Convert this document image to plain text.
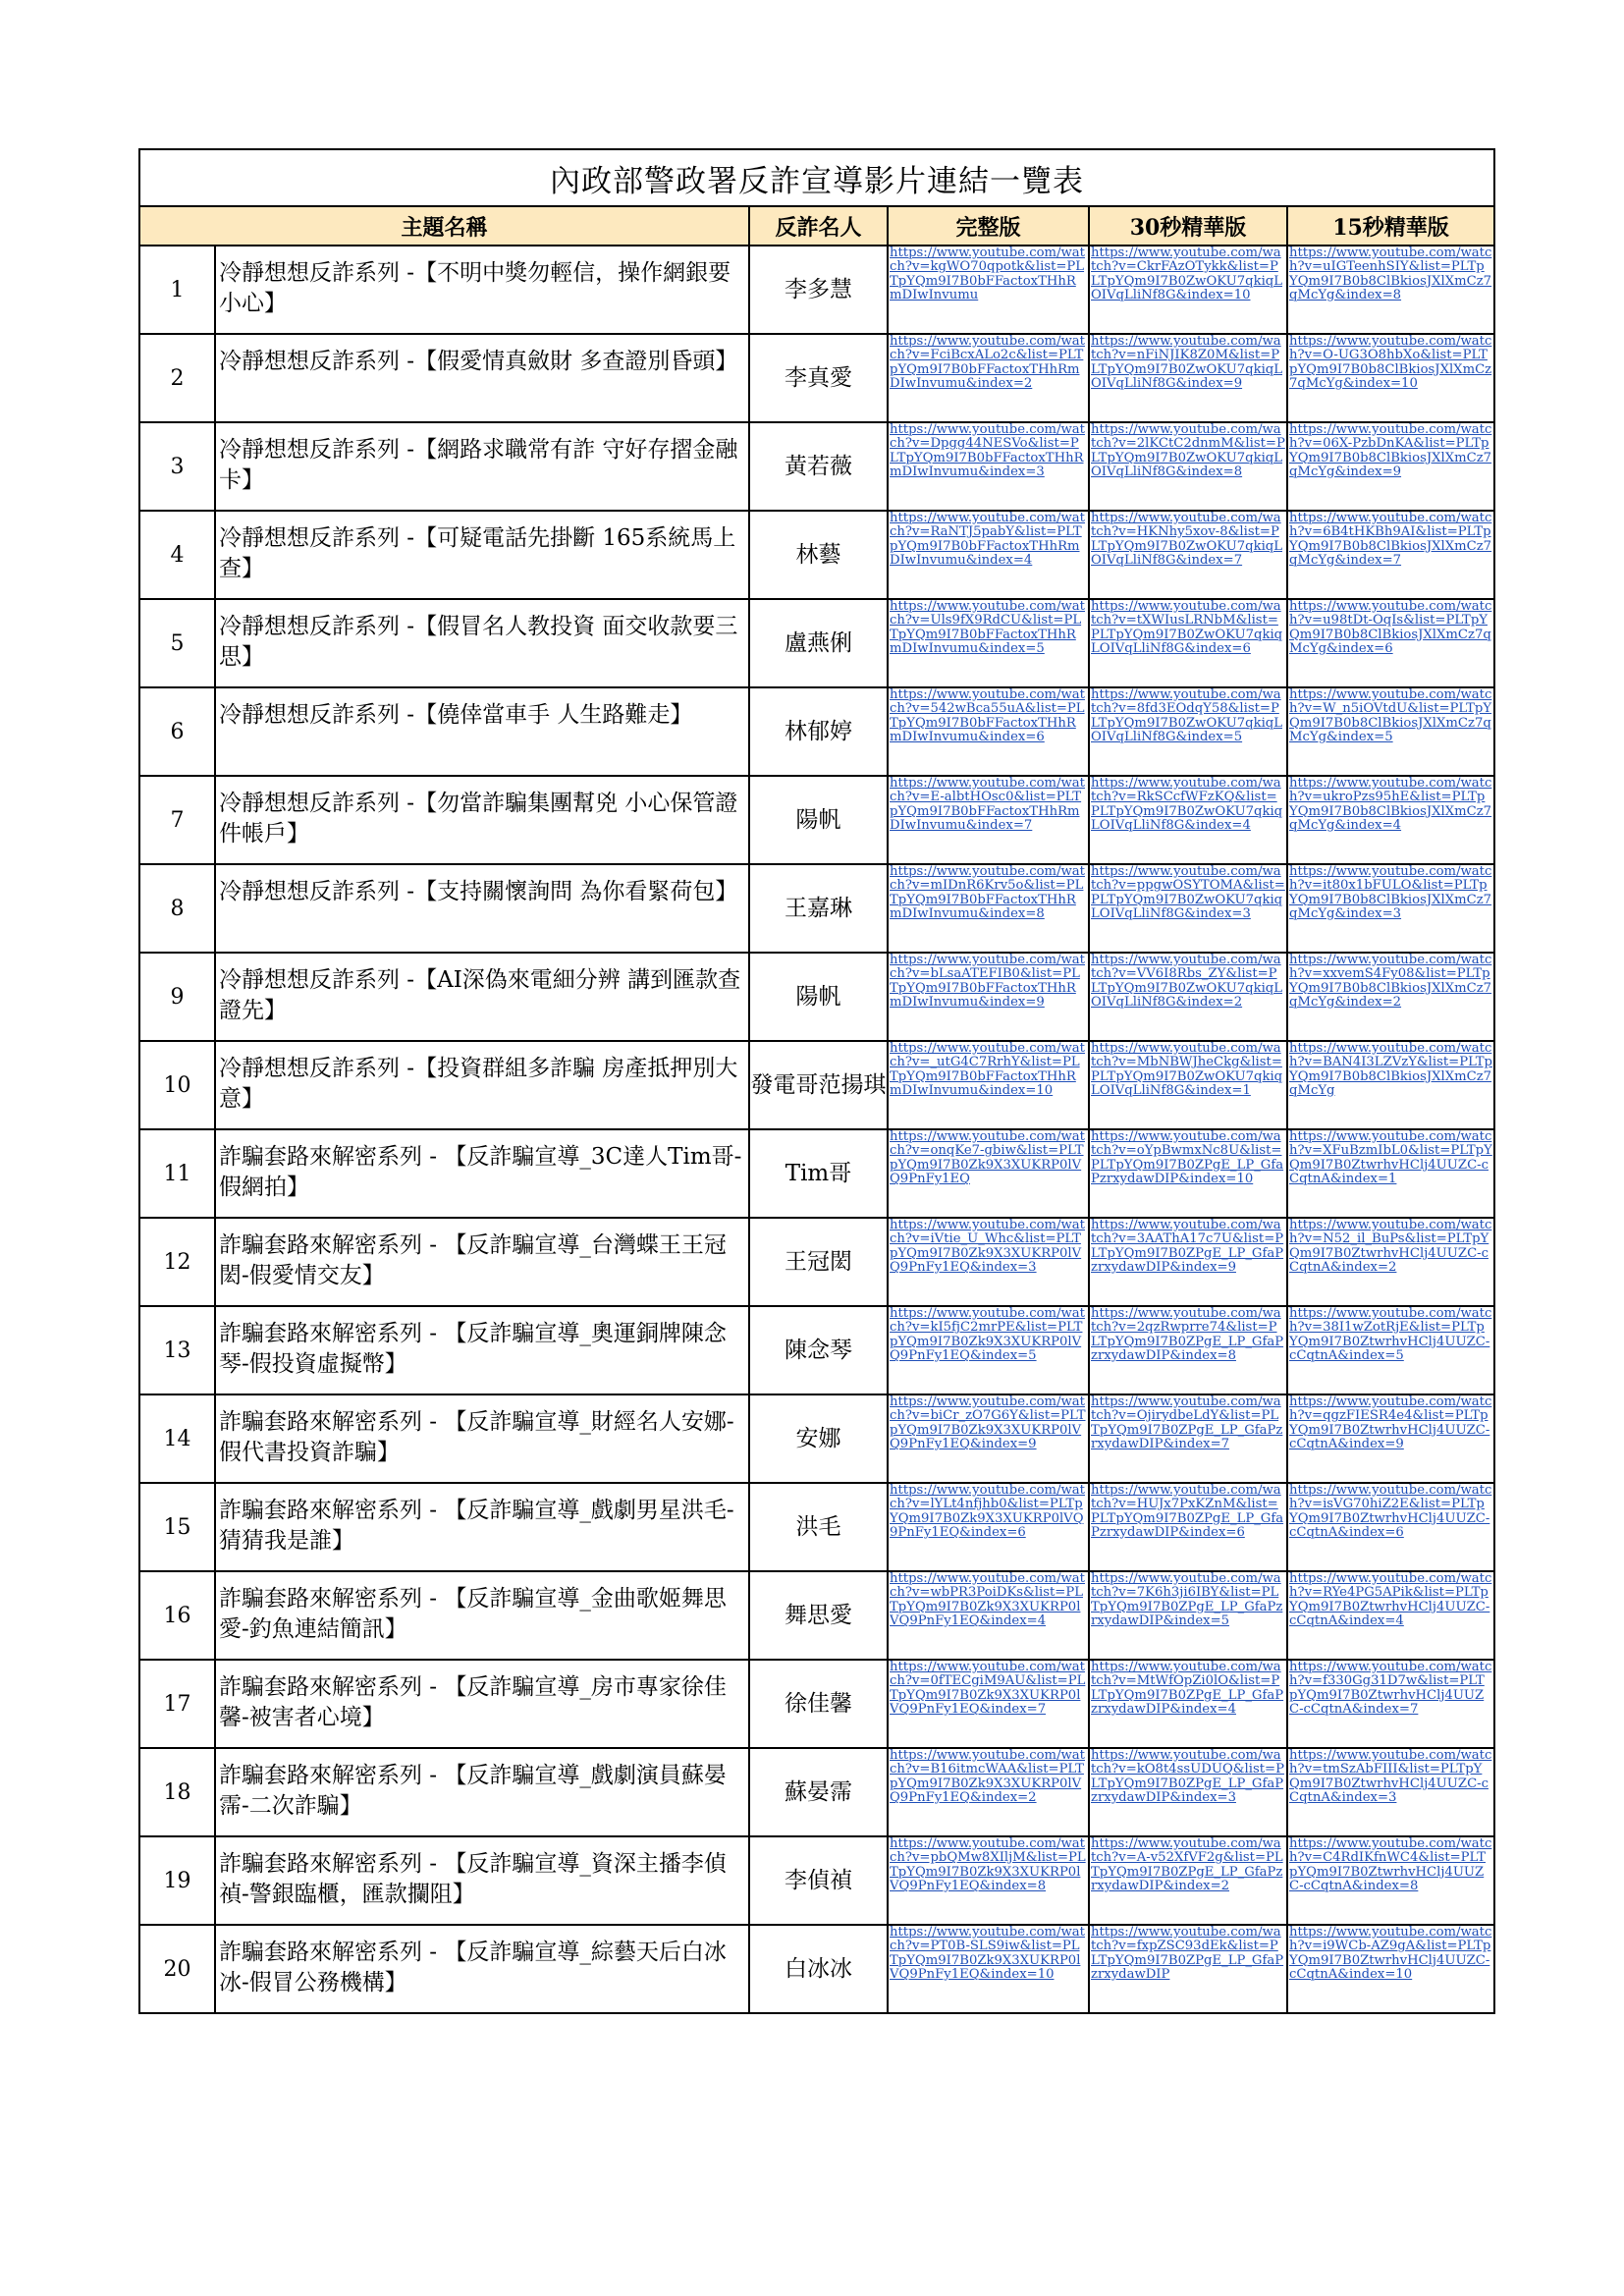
內政部警政署反詐宣導影片連結一覽表					
主題名稱		反詐名人	完整版	30秒精華版	15秒精華版
1	冷靜想想反詐系列 -【不明中獎勿輕信，操作網銀要小心】	李多慧	https://www.youtube.com/watch?v=kgWO70qpotk&list=PLTpYQm9I7B0bFFactoxTHhRmDIwInvumu	https://www.youtube.com/watch?v=CkrFAzOTykk&list=PLTpYQm9I7B0ZwOKU7qkiqLOIVqLliNf8G&index=10	https://www.youtube.com/watch?v=uIGTeenhSIY&list=PLTpYQm9I7B0b8ClBkiosJXlXmCz7qMcYg&index=8

2	冷靜想想反詐系列 -【假愛情真斂財 多查證別昏頭】	李真愛	https://www.youtube.com/watch?v=FciBcxALo2c&list=PLTpYQm9I7B0bFFactoxTHhRmDIwInvumu&index=2	https://www.youtube.com/watch?v=nFiNJIK8Z0M&list=PLTpYQm9I7B0ZwOKU7qkiqLOIVqLliNf8G&index=9	https://www.youtube.com/watch?v=O-UG3O8hbXo&list=PLTpYQm9I7B0b8ClBkiosJXlXmCz7qMcYg&index=10

3	冷靜想想反詐系列 -【網路求職常有詐 守好存摺金融卡】	黃若薇	https://www.youtube.com/watch?v=Dpgg44NESVo&list=PLTpYQm9I7B0bFFactoxTHhRmDIwInvumu&index=3	https://www.youtube.com/watch?v=2lKCtC2dnmM&list=PLTpYQm9I7B0ZwOKU7qkiqLOIVqLliNf8G&index=8	https://www.youtube.com/watch?v=06X-PzbDnKA&list=PLTpYQm9I7B0b8ClBkiosJXlXmCz7qMcYg&index=9

4	冷靜想想反詐系列 -【可疑電話先掛斷 165系統馬上查】	林藝	https://www.youtube.com/watch?v=RaNTJ5pabY&list=PLTpYQm9I7B0bFFactoxTHhRmDIwInvumu&index=4	https://www.youtube.com/watch?v=HKNhy5xov-8&list=PLTpYQm9I7B0ZwOKU7qkiqLOIVqLliNf8G&index=7	https://www.youtube.com/watch?v=6B4tHKBh9AI&list=PLTpYQm9I7B0b8ClBkiosJXlXmCz7qMcYg&index=7

5	冷靜想想反詐系列 -【假冒名人教投資 面交收款要三思】	盧燕俐	https://www.youtube.com/watch?v=Uls9fX9RdCU&list=PLTpYQm9I7B0bFFactoxTHhRmDIwInvumu&index=5	https://www.youtube.com/watch?v=tXWIusLRNbM&list=PLTpYQm9I7B0ZwOKU7qkiqLOIVqLliNf8G&index=6	https://www.youtube.com/watch?v=u98tDt-OqIs&list=PLTpYQm9I7B0b8ClBkiosJXlXmCz7qMcYg&index=6

6	冷靜想想反詐系列 -【僥倖當車手 人生路難走】	林郁婷	https://www.youtube.com/watch?v=542wBca55uA&list=PLTpYQm9I7B0bFFactoxTHhRmDIwInvumu&index=6	https://www.youtube.com/watch?v=8fd3EOdqY58&list=PLTpYQm9I7B0ZwOKU7qkiqLOIVqLliNf8G&index=5	https://www.youtube.com/watch?v=W_n5iOVtdU&list=PLTpYQm9I7B0b8ClBkiosJXlXmCz7qMcYg&index=5

7	冷靜想想反詐系列 -【勿當詐騙集團幫兇 小心保管證件帳戶】	陽帆	https://www.youtube.com/watch?v=E-albtHOsc0&list=PLTpYQm9I7B0bFFactoxTHhRmDIwInvumu&index=7	https://www.youtube.com/watch?v=RkSCcfWFzKQ&list=PLTpYQm9I7B0ZwOKU7qkiqLOIVqLliNf8G&index=4	https://www.youtube.com/watch?v=ukroPzs95hE&list=PLTpYQm9I7B0b8ClBkiosJXlXmCz7qMcYg&index=4

8	冷靜想想反詐系列 -【支持關懷詢問 為你看緊荷包】	王嘉琳	https://www.youtube.com/watch?v=mIDnR6Krv5o&list=PLTpYQm9I7B0bFFactoxTHhRmDIwInvumu&index=8	https://www.youtube.com/watch?v=ppgwOSYTOMA&list=PLTpYQm9I7B0ZwOKU7qkiqLOIVqLliNf8G&index=3	https://www.youtube.com/watch?v=it80x1bFULO&list=PLTpYQm9I7B0b8ClBkiosJXlXmCz7qMcYg&index=3

9	冷靜想想反詐系列 -【AI深偽來電細分辨 講到匯款查證先】	陽帆	https://www.youtube.com/watch?v=bLsaATEFIB0&list=PLTpYQm9I7B0bFFactoxTHhRmDIwInvumu&index=9	https://www.youtube.com/watch?v=VV6I8Rbs_ZY&list=PLTpYQm9I7B0ZwOKU7qkiqLOIVqLliNf8G&index=2	https://www.youtube.com/watch?v=xxvemS4Fy08&list=PLTpYQm9I7B0b8ClBkiosJXlXmCz7qMcYg&index=2

10	冷靜想想反詐系列 -【投資群組多詐騙 房產抵押別大意】	發電哥范揚琪	https://www.youtube.com/watch?v=_utG4C7RrhY&list=PLTpYQm9I7B0bFFactoxTHhRmDIwInvumu&index=10	https://www.youtube.com/watch?v=MbNBWJheCkg&list=PLTpYQm9I7B0ZwOKU7qkiqLOIVqLliNf8G&index=1	https://www.youtube.com/watch?v=BAN4I3LZVzY&list=PLTpYQm9I7B0b8ClBkiosJXlXmCz7qMcYg

11	詐騙套路來解密系列 - 【反詐騙宣導_3C達人Tim哥-假網拍】	Tim哥	https://www.youtube.com/watch?v=onqKe7-gbiw&list=PLTpYQm9I7B0Zk9X3XUKRP0lVQ9PnFy1EQ	https://www.youtube.com/watch?v=oYpBwmxNc8U&list=PLTpYQm9I7B0ZPgE_LP_GfaPzrxydawDIP&index=10	https://www.youtube.com/watch?v=XFuBzmIbL0&list=PLTpYQm9I7B0ZtwrhvHClj4UUZC-cCqtnA&index=1

12	詐騙套路來解密系列 - 【反詐騙宣導_台灣蝶王王冠閎-假愛情交友】	王冠閎	https://www.youtube.com/watch?v=iVtie_U_Whc&list=PLTpYQm9I7B0Zk9X3XUKRP0lVQ9PnFy1EQ&index=3	https://www.youtube.com/watch?v=3AAThA17c7U&list=PLTpYQm9I7B0ZPgE_LP_GfaPzrxydawDIP&index=9	https://www.youtube.com/watch?v=N52_il_BuPs&list=PLTpYQm9I7B0ZtwrhvHClj4UUZC-cCqtnA&index=2

13	詐騙套路來解密系列 - 【反詐騙宣導_奧運銅牌陳念琴-假投資虛擬幣】	陳念琴	https://www.youtube.com/watch?v=kI5fjC2mrPE&list=PLTpYQm9I7B0Zk9X3XUKRP0lVQ9PnFy1EQ&index=5	https://www.youtube.com/watch?v=2qzRwprre74&list=PLTpYQm9I7B0ZPgE_LP_GfaPzrxydawDIP&index=8	https://www.youtube.com/watch?v=38I1wZotRjE&list=PLTpYQm9I7B0ZtwrhvHClj4UUZC-cCqtnA&index=5

14	詐騙套路來解密系列 - 【反詐騙宣導_財經名人安娜-假代書投資詐騙】	安娜	https://www.youtube.com/watch?v=biCr_zO7G6Y&list=PLTpYQm9I7B0Zk9X3XUKRP0lVQ9PnFy1EQ&index=9	https://www.youtube.com/watch?v=OjirydbeLdY&list=PLTpYQm9I7B0ZPgE_LP_GfaPzrxydawDIP&index=7	https://www.youtube.com/watch?v=qgzFIESR4e4&list=PLTpYQm9I7B0ZtwrhvHClj4UUZC-cCqtnA&index=9

15	詐騙套路來解密系列 - 【反詐騙宣導_戲劇男星洪毛-猜猜我是誰】	洪毛	https://www.youtube.com/watch?v=lYLt4nfjhb0&list=PLTpYQm9I7B0Zk9X3XUKRP0lVQ9PnFy1EQ&index=6	https://www.youtube.com/watch?v=HUJx7PxKZnM&list=PLTpYQm9I7B0ZPgE_LP_GfaPzrxydawDIP&index=6	https://www.youtube.com/watch?v=isVG70hiZ2E&list=PLTpYQm9I7B0ZtwrhvHClj4UUZC-cCqtnA&index=6

16	詐騙套路來解密系列 - 【反詐騙宣導_金曲歌姬舞思愛-釣魚連結簡訊】	舞思愛	https://www.youtube.com/watch?v=wbPR3PoiDKs&list=PLTpYQm9I7B0Zk9X3XUKRP0lVQ9PnFy1EQ&index=4	https://www.youtube.com/watch?v=7K6h3ji6IBY&list=PLTpYQm9I7B0ZPgE_LP_GfaPzrxydawDIP&index=5	https://www.youtube.com/watch?v=RYe4PG5APik&list=PLTpYQm9I7B0ZtwrhvHClj4UUZC-cCqtnA&index=4

17	詐騙套路來解密系列 - 【反詐騙宣導_房市專家徐佳馨-被害者心境】	徐佳馨	https://www.youtube.com/watch?v=0fTECgiM9AU&list=PLTpYQm9I7B0Zk9X3XUKRP0lVQ9PnFy1EQ&index=7	https://www.youtube.com/watch?v=MtWfOpZi0lO&list=PLTpYQm9I7B0ZPgE_LP_GfaPzrxydawDIP&index=4	https://www.youtube.com/watch?v=f330Gg31D7w&list=PLTpYQm9I7B0ZtwrhvHClj4UUZC-cCqtnA&index=7

18	詐騙套路來解密系列 - 【反詐騙宣導_戲劇演員蘇晏霈-二次詐騙】	蘇晏霈	https://www.youtube.com/watch?v=B16itmcWAA&list=PLTpYQm9I7B0Zk9X3XUKRP0lVQ9PnFy1EQ&index=2	https://www.youtube.com/watch?v=kO8t4ssUDUQ&list=PLTpYQm9I7B0ZPgE_LP_GfaPzrxydawDIP&index=3	https://www.youtube.com/watch?v=tmSzAbFIII&list=PLTpYQm9I7B0ZtwrhvHClj4UUZC-cCqtnA&index=3

19	詐騙套路來解密系列 - 【反詐騙宣導_資深主播李偵禎-警銀臨櫃，匯款攔阻】	李偵禎	https://www.youtube.com/watch?v=pbQMw8XIljM&list=PLTpYQm9I7B0Zk9X3XUKRP0lVQ9PnFy1EQ&index=8	https://www.youtube.com/watch?v=A-v52XfVF2g&list=PLTpYQm9I7B0ZPgE_LP_GfaPzrxydawDIP&index=2	https://www.youtube.com/watch?v=C4RdIKfnWC4&list=PLTpYQm9I7B0ZtwrhvHClj4UUZC-cCqtnA&index=8

20	詐騙套路來解密系列 - 【反詐騙宣導_綜藝天后白冰冰-假冒公務機構】	白冰冰	https://www.youtube.com/watch?v=PT0B-SLS9iw&list=PLTpYQm9I7B0Zk9X3XUKRP0lVQ9PnFy1EQ&index=10	https://www.youtube.com/watch?v=fxpZSC93dEk&list=PLTpYQm9I7B0ZPgE_LP_GfaPzrxydawDIP	https://www.youtube.com/watch?v=i9WCb-AZ9gA&list=PLTpYQm9I7B0ZtwrhvHClj4UUZC-cCqtnA&index=10
